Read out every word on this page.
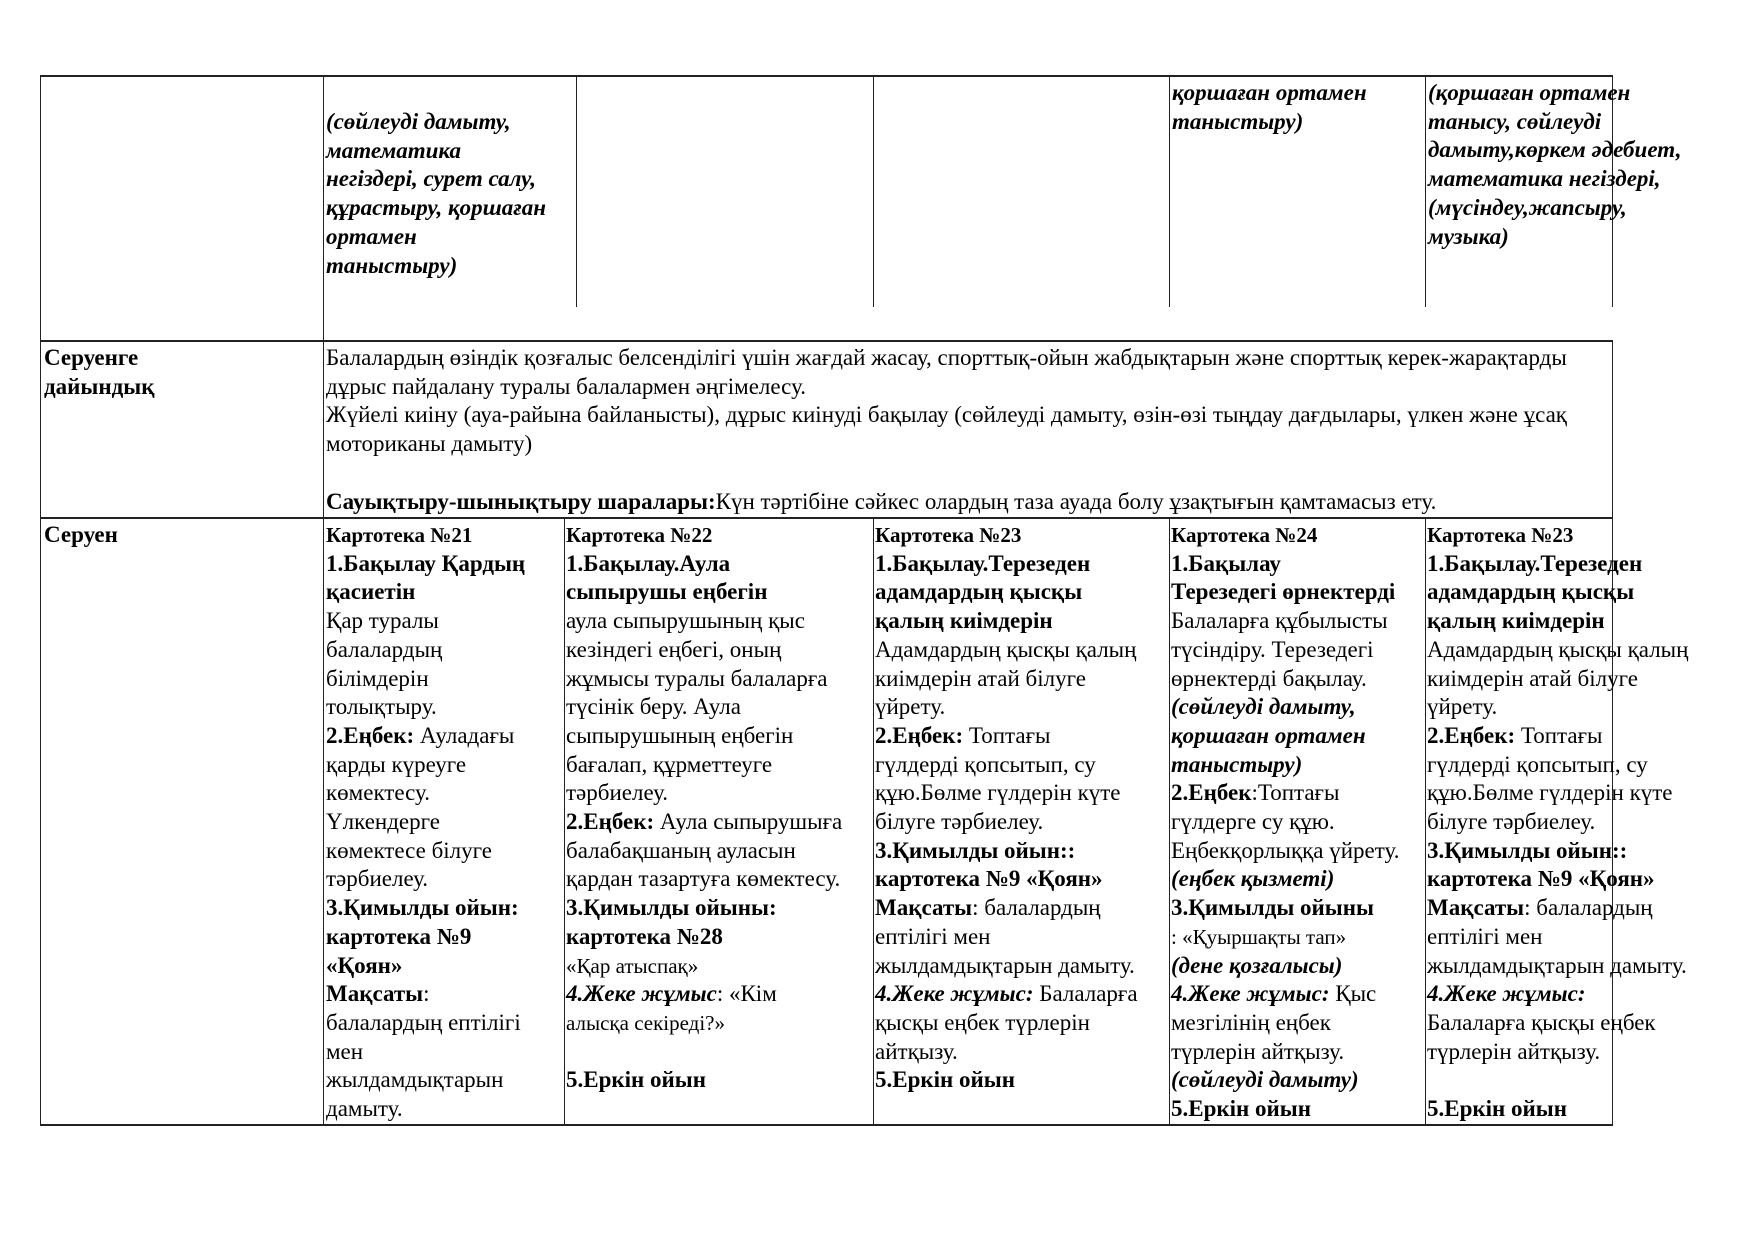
(сөйлеуді дамыту,
математика
негіздері, сурет салу,
құрастыру, қоршаған
ортамен
таныстыру)
қоршаған ортамен
таныстыру)
(қоршаған ортамен
танысу, сөйлеуді
дамыту,көркем әдебиет,
математика негіздері,
(мүсіндеу,жапсыру,
музыка)
Серуенге
дайындық
Балалардың өзіндік қозғалыс белсенділігі үшін жағдай жасау, спорттық-ойын жабдықтарын және спорттық керек-жарақтарды
дұрыс пайдалану туралы балалармен әңгімелесу.
Жүйелі киіну (ауа-райына байланысты), дұрыс киінуді бақылау (сөйлеуді дамыту, өзін-өзі тыңдау дағдылары, үлкен және ұсақ
моториканы дамыту)

Сауықтыру-шынықтыру шаралары:Күн тәртібіне сәйкес олардың таза ауада болу ұзақтығын қамтамасыз ету.
Серуен	Картотека №21
1.Бақылау Қардың
қасиетін
Қар туралы
балалардың
білімдерін
толықтыру.
2.Еңбек: Ауладағы
қарды күреуге
көмектесу.
Үлкендерге
көмектесе білуге
тәрбиелеу.
3.Қимылды ойын:
картотека №9
«Қоян»
Мақсаты:
балалардың ептілігі
мен
жылдамдықтарын
дамыту.
Картотека №22
1.Бақылау.Аула
сыпырушы еңбегін
аула сыпырушының қыс
кезіндегі еңбегі, оның
жұмысы туралы балаларға
түсінік беру. Аула
сыпырушының еңбегін
бағалап, құрметтеуге
тәрбиелеу.
2.Еңбек: Аула сыпырушыға
балабақшаның ауласын
қардан тазартуға көмектесу.
3.Қимылды ойыны:
картотека №28
«Қар атыспақ»
4.Жеке жұмыс: «Кім
алысқа секіреді?»

5.Еркін ойын
Картотека №23
1.Бақылау.Терезеден
адамдардың қысқы
қалың киімдерін
Адамдардың қысқы қалың
киімдерін атай білуге
үйрету.
2.Еңбек: Топтағы
гүлдерді қопсытып, су
құю.Бөлме гүлдерін күте
білуге тәрбиелеу.
3.Қимылды ойын::
картотека №9 «Қоян»
Мақсаты: балалардың
ептілігі мен
жылдамдықтарын дамыту.
4.Жеке жұмыс: Балаларға
қысқы еңбек түрлерін
айтқызу.
5.Еркін ойын
Картотека №24
1.Бақылау
Терезедегі өрнектерді
Балаларға құбылысты
түсіндіру. Терезедегі
өрнектерді бақылау.
(сөйлеуді дамыту,
қоршаған ортамен
таныстыру)
2.Еңбек:Топтағы
гүлдерге су құю.
Еңбекқорлыққа үйрету.
(еңбек қызметі)
3.Қимылды ойыны
: «Қуыршақты тап»
(дене қозғалысы)
4.Жеке жұмыс: Қыс
мезгілінің еңбек
түрлерін айтқызу.
(сөйлеуді дамыту)
5.Еркін ойын
Картотека №23
1.Бақылау.Терезеден
адамдардың қысқы
қалың киімдерін
Адамдардың қысқы қалың
киімдерін атай білуге
үйрету.
2.Еңбек: Топтағы
гүлдерді қопсытып, су
құю.Бөлме гүлдерін күте
білуге тәрбиелеу.
3.Қимылды ойын::
картотека №9 «Қоян»
Мақсаты: балалардың
ептілігі мен
жылдамдықтарын дамыту.
4.Жеке жұмыс:
Балаларға қысқы еңбек
түрлерін айтқызу.

5.Еркін ойын
